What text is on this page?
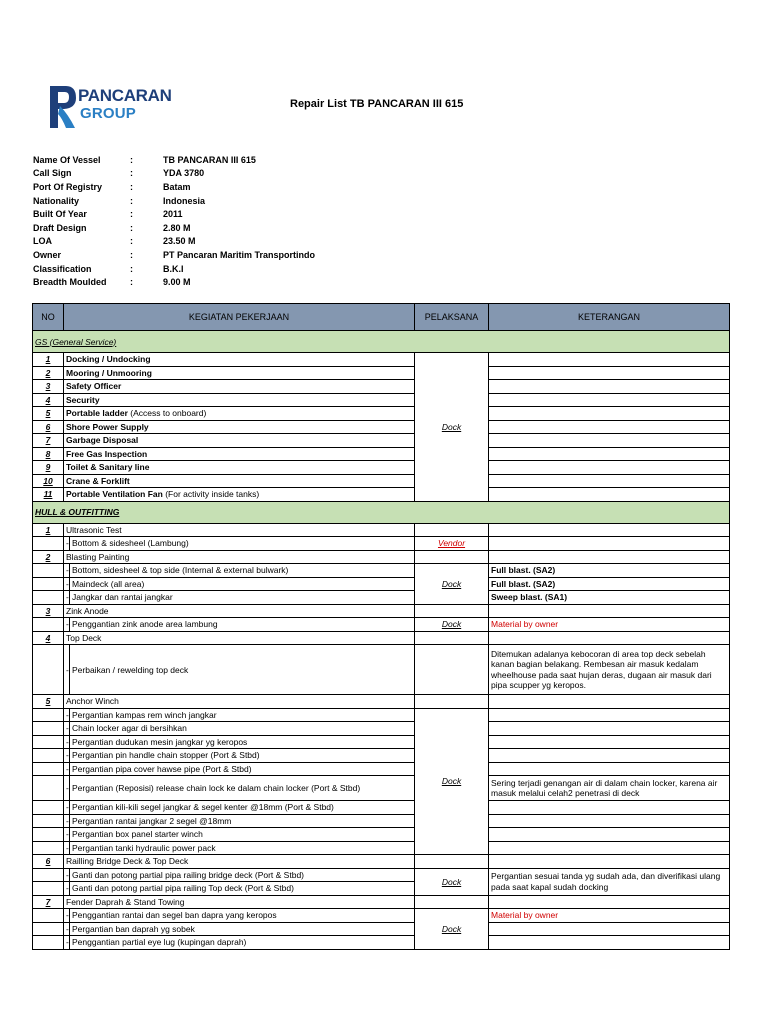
PANCARAN
GROUP
Repair List TB PANCARAN III 615
Name Of Vessel	:	TB PANCARAN III 615
Call Sign	:	YDA 3780
Port Of Registry	:	Batam
Nationality	:	Indonesia
Built Of Year	:	2011
Draft Design	:	2.80 M
LOA	:	23.50 M
Owner	:	PT Pancaran Maritim Transportindo
Classification	:	B.K.I
Breadth Moulded	:	9.00 M
NO	KEGIATAN PEKERJAAN		PELAKSANA	KETERANGAN
GS (General Service)				
1	Docking / Undocking		Dock	
2	Mooring / Unmooring			
3	Safety Officer			
4	Security			
5	Portable ladder (Access to onboard)			
6	Shore Power Supply			
7	Garbage Disposal			
8	Free Gas Inspection			
9	Toilet & Sanitary line			
10	Crane & Forklift			
11	Portable Ventilation Fan (For activity inside tanks)			
HULL & OUTFITTING				
1	Ultrasonic Test			
	-	Bottom & sidesheel (Lambung)	Vendor	
2	Blasting Painting			
	-	Bottom, sidesheel & top side (Internal & external bulwark)	Dock	Full blast. (SA2)
	-	Maindeck (all area)		Full blast. (SA2)
	-	Jangkar dan rantai jangkar		Sweep blast. (SA1)
3	Zink Anode			
	-	Penggantian zink anode area lambung	Dock	Material by owner
4	Top Deck			
	-	Perbaikan / rewelding top deck		Ditemukan adalanya kebocoran di area top deck sebelah kanan bagian belakang. Rembesan air masuk kedalam wheelhouse pada saat hujan deras, dugaan air masuk dari pipa scupper yg keropos.
5	Anchor Winch			
	-	Pergantian kampas rem winch jangkar	Dock	
	-	Chain locker agar di bersihkan		
	-	Pergantian dudukan mesin jangkar yg keropos		
	-	Pergantian pin handle chain stopper (Port & Stbd)		
	-	Pergantian pipa cover hawse pipe (Port & Stbd)		
	-	Pergantian (Reposisi) release chain lock ke dalam chain locker (Port & Stbd)		Sering terjadi genangan air di dalam chain locker, karena air masuk melalui celah2 penetrasi di deck
	-	Pergantian kili-kili segel jangkar & segel kenter @18mm (Port & Stbd)		
	-	Pergantian rantai jangkar 2 segel @18mm		
	-	Pergantian box panel starter winch		
	-	Pergantian tanki hydraulic power pack		
6	Railling Bridge Deck & Top Deck			
	-	Ganti dan potong partial pipa railing bridge deck (Port & Stbd)	Dock	Pergantian sesuai tanda yg sudah ada, dan diverifikasi ulang pada saat kapal sudah docking
	-	Ganti dan potong partial pipa railing Top deck (Port & Stbd)		
7	Fender Daprah & Stand Towing			
	-	Penggantian rantai dan segel ban dapra yang keropos	Dock	Material by owner
	-	Pergantian ban daprah yg sobek		
	-	Penggantian partial eye lug (kupingan daprah)		
